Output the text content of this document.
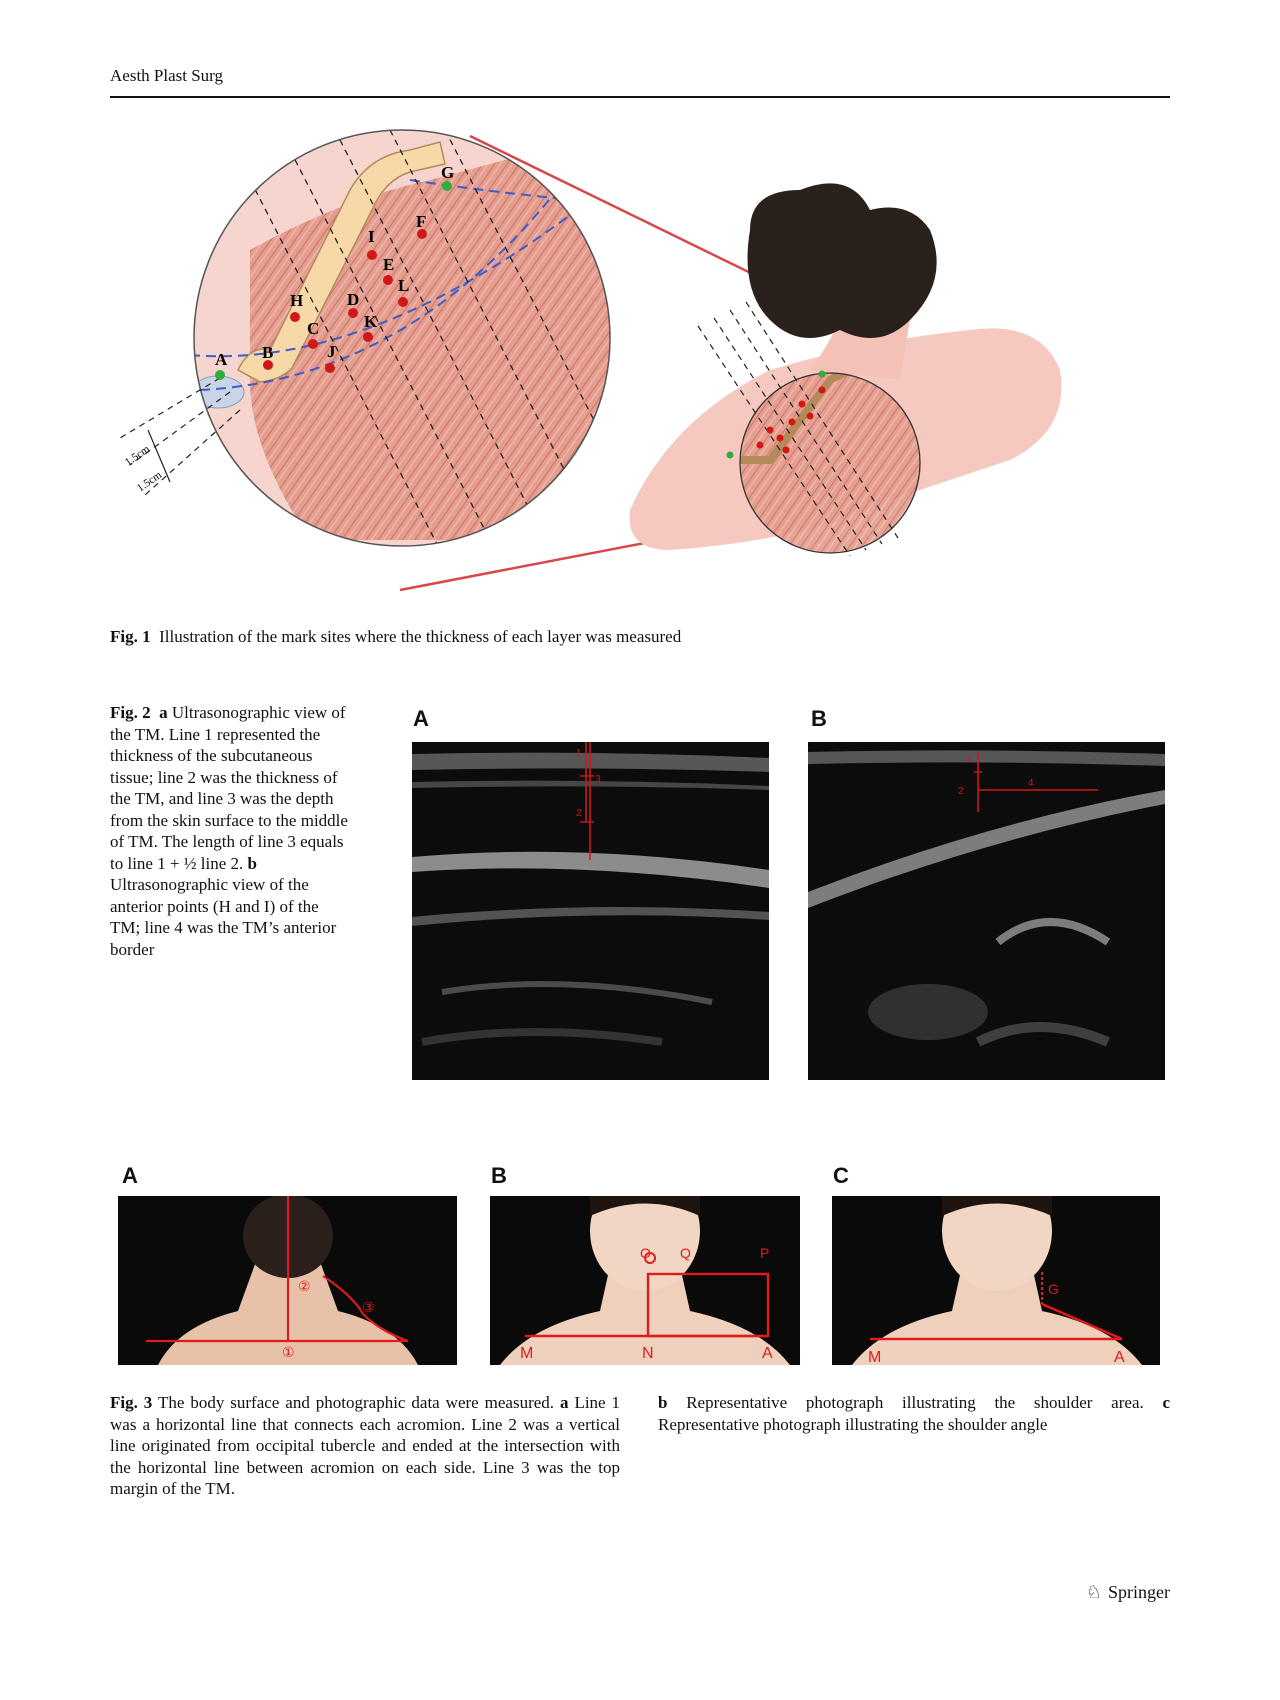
Aesth Plast Surg
1.5cm
1.5cm
A B
C
D
E
F
G
H
I
J
K
L
Fig. 1 Illustration of the mark sites where the thickness of each layer was measured
Fig. 2 a Ultrasonographic view of the TM. Line 1 represented the thickness of the subcutaneous tissue; line 2 was the thickness of the TM, and line 3 was the depth from the skin surface to the middle of TM. The length of line 3 equals to line 1 + ½ line 2. b Ultrasonographic view of the anterior points (H and I) of the TM; line 4 was the TM’s anterior border
A	B
1
2
3
1
2
4
A	B	C
①
②
③
M	N	A
O Q	P
M	A
G
Fig. 3 The body surface and photographic data were measured. a Line 1 was a horizontal line that connects each acromion. Line 2 was a vertical line originated from occipital tubercle and ended at the intersection with the horizontal line between acromion on each side. Line 3 was the top margin of the TM.
b Representative photograph illustrating the shoulder area. c Representative photograph illustrating the shoulder angle
♘ Springer
